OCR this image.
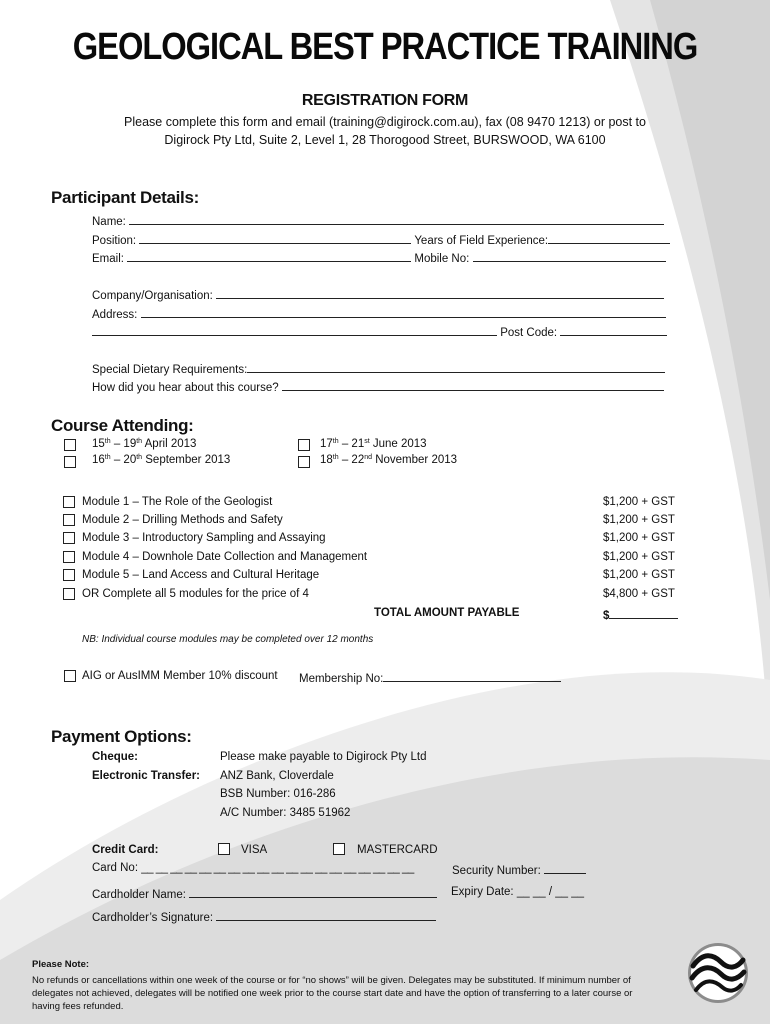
GEOLOGICAL BEST PRACTICE TRAINING
REGISTRATION FORM
Please complete this form and email (training@digirock.com.au), fax (08 9470 1213) or post to
Digirock Pty Ltd, Suite 2, Level 1, 28 Thorogood Street, BURSWOOD, WA 6100
Participant Details:
Name:
Position:	Years of Field Experience:
Email:	Mobile No:
Company/Organisation:
Address:
Post Code:
Special Dietary Requirements:
How did you hear about this course?
Course Attending:
15th – 19th April 2013	17th – 21st June 2013
16th – 20th September 2013	18th – 22nd November 2013
Module 1 – The Role of the Geologist	$1,200 + GST
Module 2 – Drilling Methods and Safety	$1,200 + GST
Module 3 – Introductory Sampling and Assaying	$1,200 + GST
Module 4 – Downhole Date Collection and Management	$1,200 + GST
Module 5 – Land Access and Cultural Heritage	$1,200 + GST
OR Complete all 5 modules for the price of 4	$4,800 + GST
TOTAL AMOUNT PAYABLE	$
NB: Individual course modules may be completed over 12 months
AIG or AusIMM Member 10% discount Membership No:
Payment Options:
Cheque:	Please make payable to Digirock Pty Ltd
Electronic Transfer: ANZ Bank, Cloverdale
BSB Number: 016-286
A/C Number: 3485 51962
Credit Card:	VISA	MASTERCARD
Card No: __ __ __ __ __ __ __ __ __ __ __ __ __ __ __ __ __ __ __	Security Number:
Cardholder Name:	Expiry Date: __ __ / __ __
Cardholder’s Signature:
Please Note:
No refunds or cancellations within one week of the course or for “no shows” will be given. Delegates may be substituted. If minimum number of delegates not achieved, delegates will be notified one week prior to the course start date and have the option of transferring to a later course or having fees refunded.
